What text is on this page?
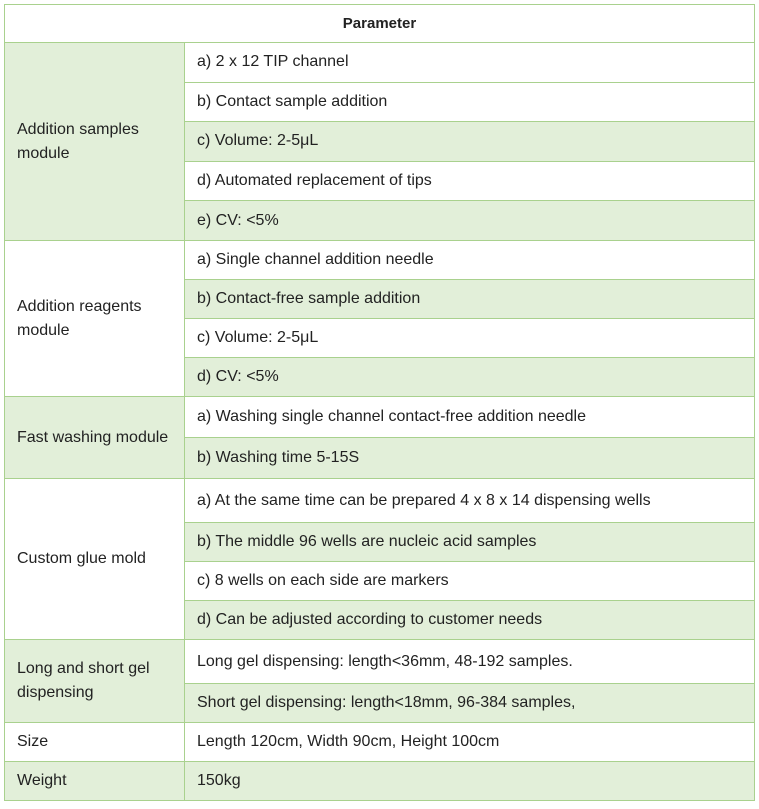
Parameter	
Addition samples module	a) 2 x 12 TIP channel
	b) Contact sample addition
	c) Volume: 2-5μL
	d) Automated replacement of tips
	e) CV: <5%
Addition reagents module	a) Single channel addition needle
	b) Contact-free sample addition
	c) Volume: 2-5μL
	d) CV: <5%
Fast washing module	a) Washing single channel contact-free addition needle
	b) Washing time 5-15S
Custom glue mold	a) At the same time can be prepared 4 x 8 x 14 dispensing wells
	b) The middle 96 wells are nucleic acid samples
	c) 8 wells on each side are markers
	d) Can be adjusted according to customer needs
Long and short gel dispensing	Long gel dispensing: length<36mm, 48-192 samples.
	Short gel dispensing: length<18mm, 96-384 samples,
Size	Length 120cm, Width 90cm, Height 100cm
Weight	150kg
